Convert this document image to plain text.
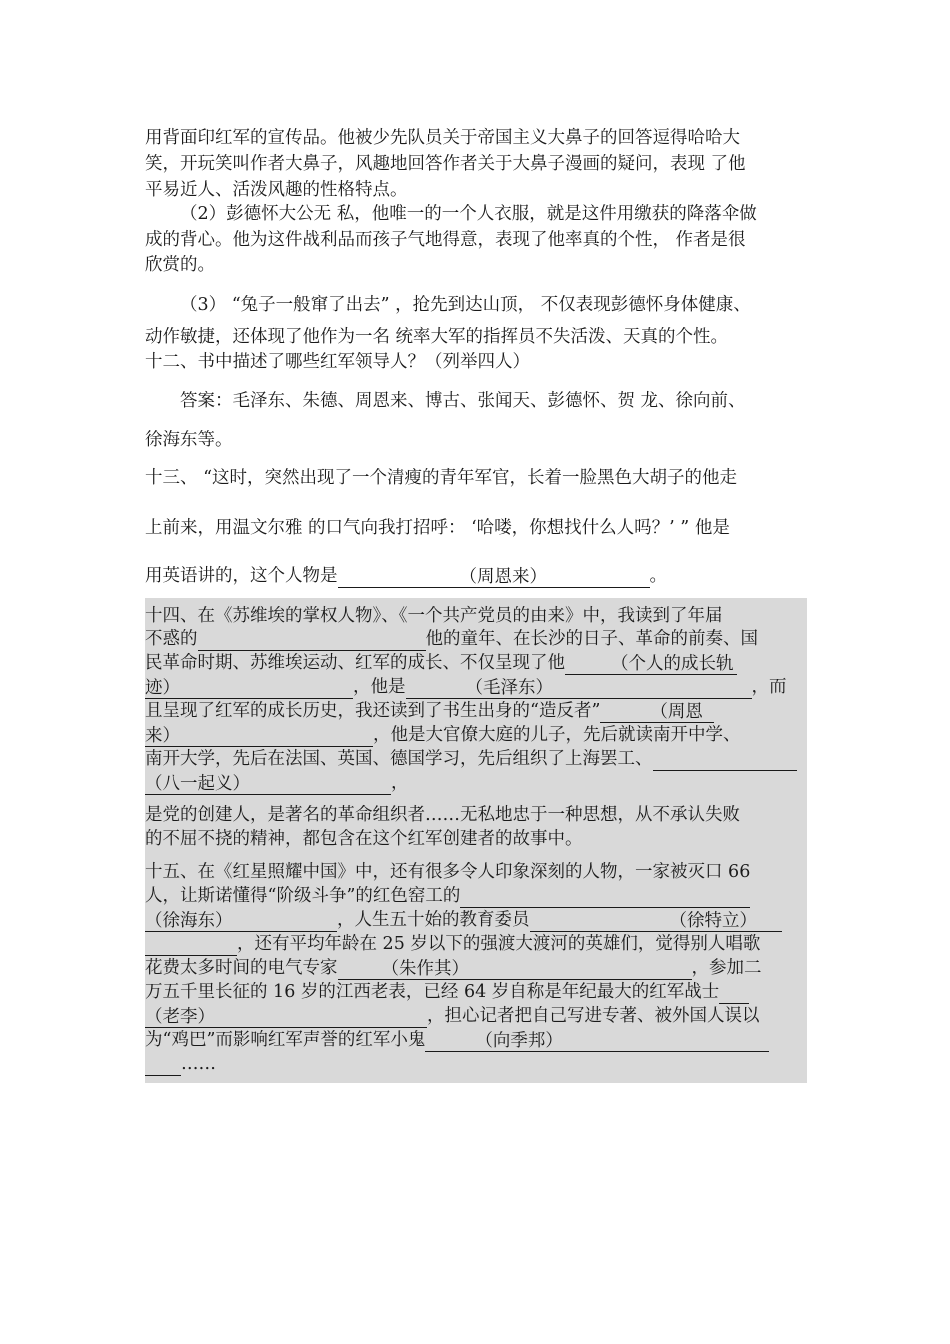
用背面印红军的宣传品。他被少先队员关于帝国主义大鼻子的回答逗得哈哈大
笑，开玩笑叫作者大鼻子，风趣地回答作者关于大鼻子漫画的疑问，表现 了他
平易近人、活泼风趣的性格特点。
（2）彭德怀大公无 私，他唯一的一个人衣服，就是这件用缴获的降落伞做
成的背心。他为这件战利品而孩子气地得意，表现了他率真的个性， 作者是很
欣赏的。
（3） “兔子一般窜了出去” ，抢先到达山顶， 不仅表现彭德怀身体健康、
动作敏捷，还体现了他作为一名 统率大军的指挥员不失活泼、天真的个性。
十二、书中描述了哪些红军领导人？（列举四人）
答案：毛泽东、朱德、周恩来、博古、张闻天、彭德怀、贺 龙、徐向前、
徐海东等。
十三、 “这时，突然出现了一个清瘦的青年军官，长着一脸黑色大胡子的他走
上前来，用温文尔雅 的口气向我打招呼： ‘哈喽，你想找什么人吗？’ ” 他是
用英语讲的，这个人物是	（周恩来）	。
十四、在《苏维埃的掌权人物》、《一个共产党员的由来》中，我读到了年届
不惑的	他的童年、在长沙的日子、革命的前奏、国
民革命时期、苏维埃运动、红军的成长、不仅呈现了他	（个人的成长轨
迹）	，他是	（毛泽东）	，而
且呈现了红军的成长历史，我还读到了书生出身的“造反者”	（周恩
来）	，他是大官僚大庭的儿子，先后就读南开中学、
南开大学，先后在法国、英国、德国学习，先后组织了上海罢工、
（八一起义）	，
是党的创建人，是著名的革命组织者……无私地忠于一种思想，从不承认失败
的不屈不挠的精神，都包含在这个红军创建者的故事中。
十五、在《红星照耀中国》中，还有很多令人印象深刻的人物，一家被灭口 66
人，让斯诺懂得“阶级斗争”的红色窑工的
（徐海东）	，人生五十始的教育委员	（徐特立）
，还有平均年龄在 25 岁以下的强渡大渡河的英雄们，觉得别人唱歌
花费太多时间的电气专家	（朱作其）	，参加二
万五千里长征的 16 岁的江西老表，已经 64 岁自称是年纪最大的红军战士
（老李）	，担心记者把自己写进专著、被外国人误以
为“鸡巴”而影响红军声誉的红军小鬼	（向季邦）
……
